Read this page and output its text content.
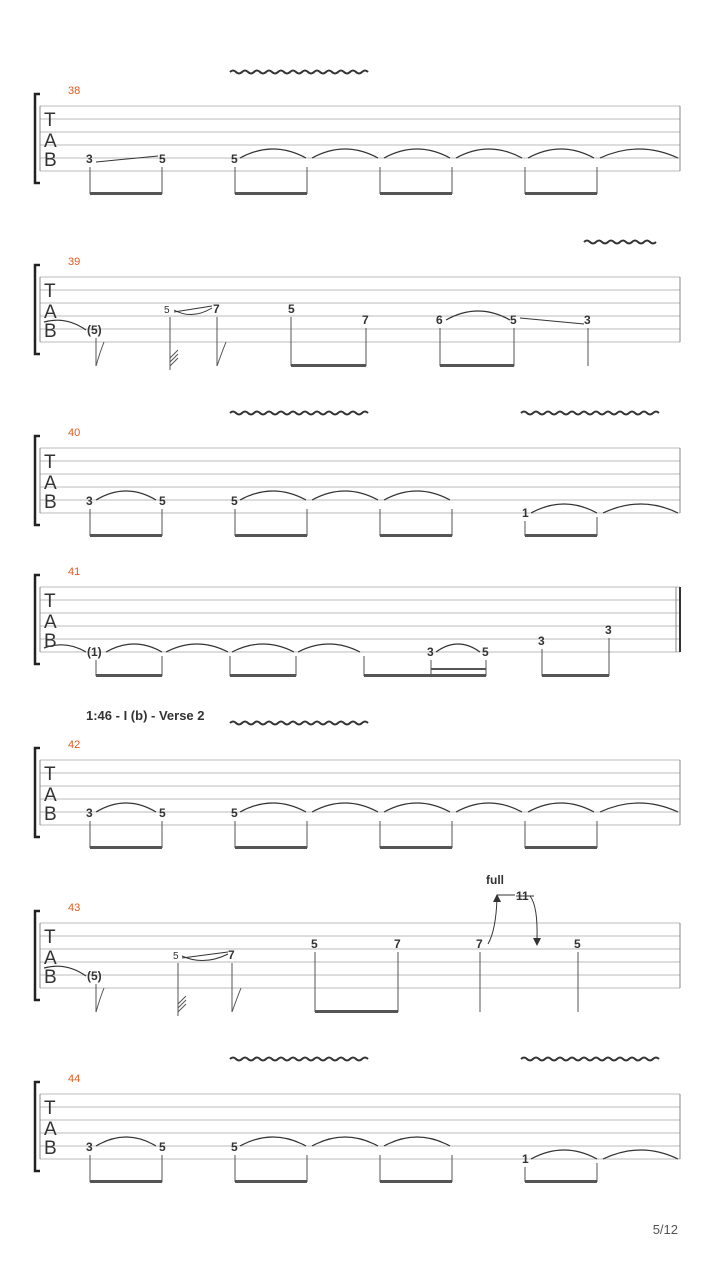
T
A
B
38
3	5	5
T
A
B
39
(5)
5	7	5
7	6	5	3
T
A
B
40
3	5	5
1
T
A
B
41
(1)	3	5
3
3
1:46 - I (b) - Verse 2
T
A
B
42
3	5	5
T
A
B
43
(5)
5	7
5	7	7
full
11
5
T
A
B
44
3	5	5
1
5/12
